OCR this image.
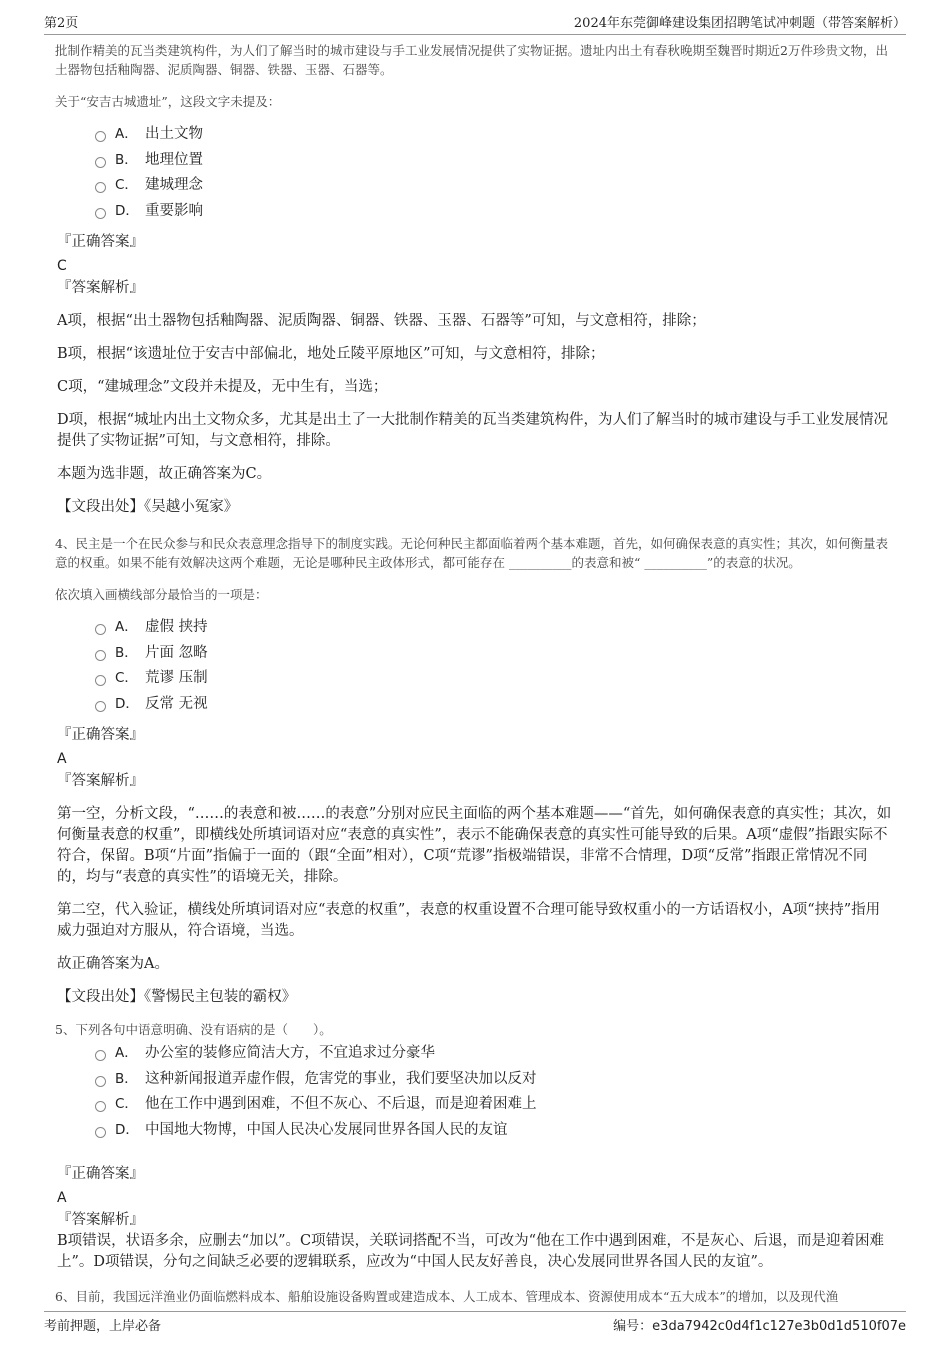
第2页	2024年东莞御峰建设集团招聘笔试冲刺题（带答案解析）

批制作精美的瓦当类建筑构件，为人们了解当时的城市建设与手工业发展情况提供了实物证据。遗址内出土有春秋晚期至魏晋时期近2万件珍贵文物，出土器物包括釉陶器、泥质陶器、铜器、铁器、玉器、石器等。

关于“安吉古城遗址”，这段文字未提及：

A． 出土文物
B． 地理位置
C． 建城理念
D． 重要影响

『正确答案』

C

『答案解析』

A项，根据“出土器物包括釉陶器、泥质陶器、铜器、铁器、玉器、石器等”可知，与文意相符，排除；

B项，根据“该遗址位于安吉中部偏北，地处丘陵平原地区”可知，与文意相符，排除；

C项，“建城理念”文段并未提及，无中生有，当选；

D项，根据“城址内出土文物众多，尤其是出土了一大批制作精美的瓦当类建筑构件，为人们了解当时的城市建设与手工业发展情况提供了实物证据”可知，与文意相符，排除。

本题为选非题，故正确答案为C。

【文段出处】《吴越小冤家》

4、民主是一个在民众参与和民众表意理念指导下的制度实践。无论何种民主都面临着两个基本难题，首先，如何确保表意的真实性；其次，如何衡量表意的权重。如果不能有效解决这两个难题，无论是哪种民主政体形式，都可能存在 __________的表意和被“ __________”的表意的状况。

依次填入画横线部分最恰当的一项是：

A． 虚假 挟持
B． 片面 忽略
C． 荒谬 压制
D． 反常 无视

『正确答案』

A

『答案解析』

第一空，分析文段，“……的表意和被……的表意”分别对应民主面临的两个基本难题——“首先，如何确保表意的真实性；其次，如何衡量表意的权重”，即横线处所填词语对应“表意的真实性”，表示不能确保表意的真实性可能导致的后果。A项“虚假”指跟实际不符合，保留。B项“片面”指偏于一面的（跟“全面”相对），C项“荒谬”指极端错误，非常不合情理，D项“反常”指跟正常情况不同的，均与“表意的真实性”的语境无关，排除。

第二空，代入验证，横线处所填词语对应“表意的权重”，表意的权重设置不合理可能导致权重小的一方话语权小，A项“挟持”指用威力强迫对方服从，符合语境，当选。

故正确答案为A。

【文段出处】《警惕民主包装的霸权》

5、下列各句中语意明确、没有语病的是（　　）。

A． 办公室的装修应简洁大方，不宜追求过分豪华
B． 这种新闻报道弄虚作假，危害党的事业，我们要坚决加以反对
C． 他在工作中遇到困难，不但不灰心、不后退，而是迎着困难上
D． 中国地大物博，中国人民决心发展同世界各国人民的友谊

『正确答案』

A

『答案解析』

B项错误，状语多余，应删去“加以”。C项错误，关联词搭配不当，可改为“他在工作中遇到困难，不是灰心、后退，而是迎着困难上”。D项错误，分句之间缺乏必要的逻辑联系，应改为“中国人民友好善良，决心发展同世界各国人民的友谊”。

6、目前，我国远洋渔业仍面临燃料成本、船舶设施设备购置或建造成本、人工成本、管理成本、资源使用成本“五大成本”的增加，以及现代渔

考前押题，上岸必备	编号：e3da7942c0d4f1c127e3b0d1d510f07e
